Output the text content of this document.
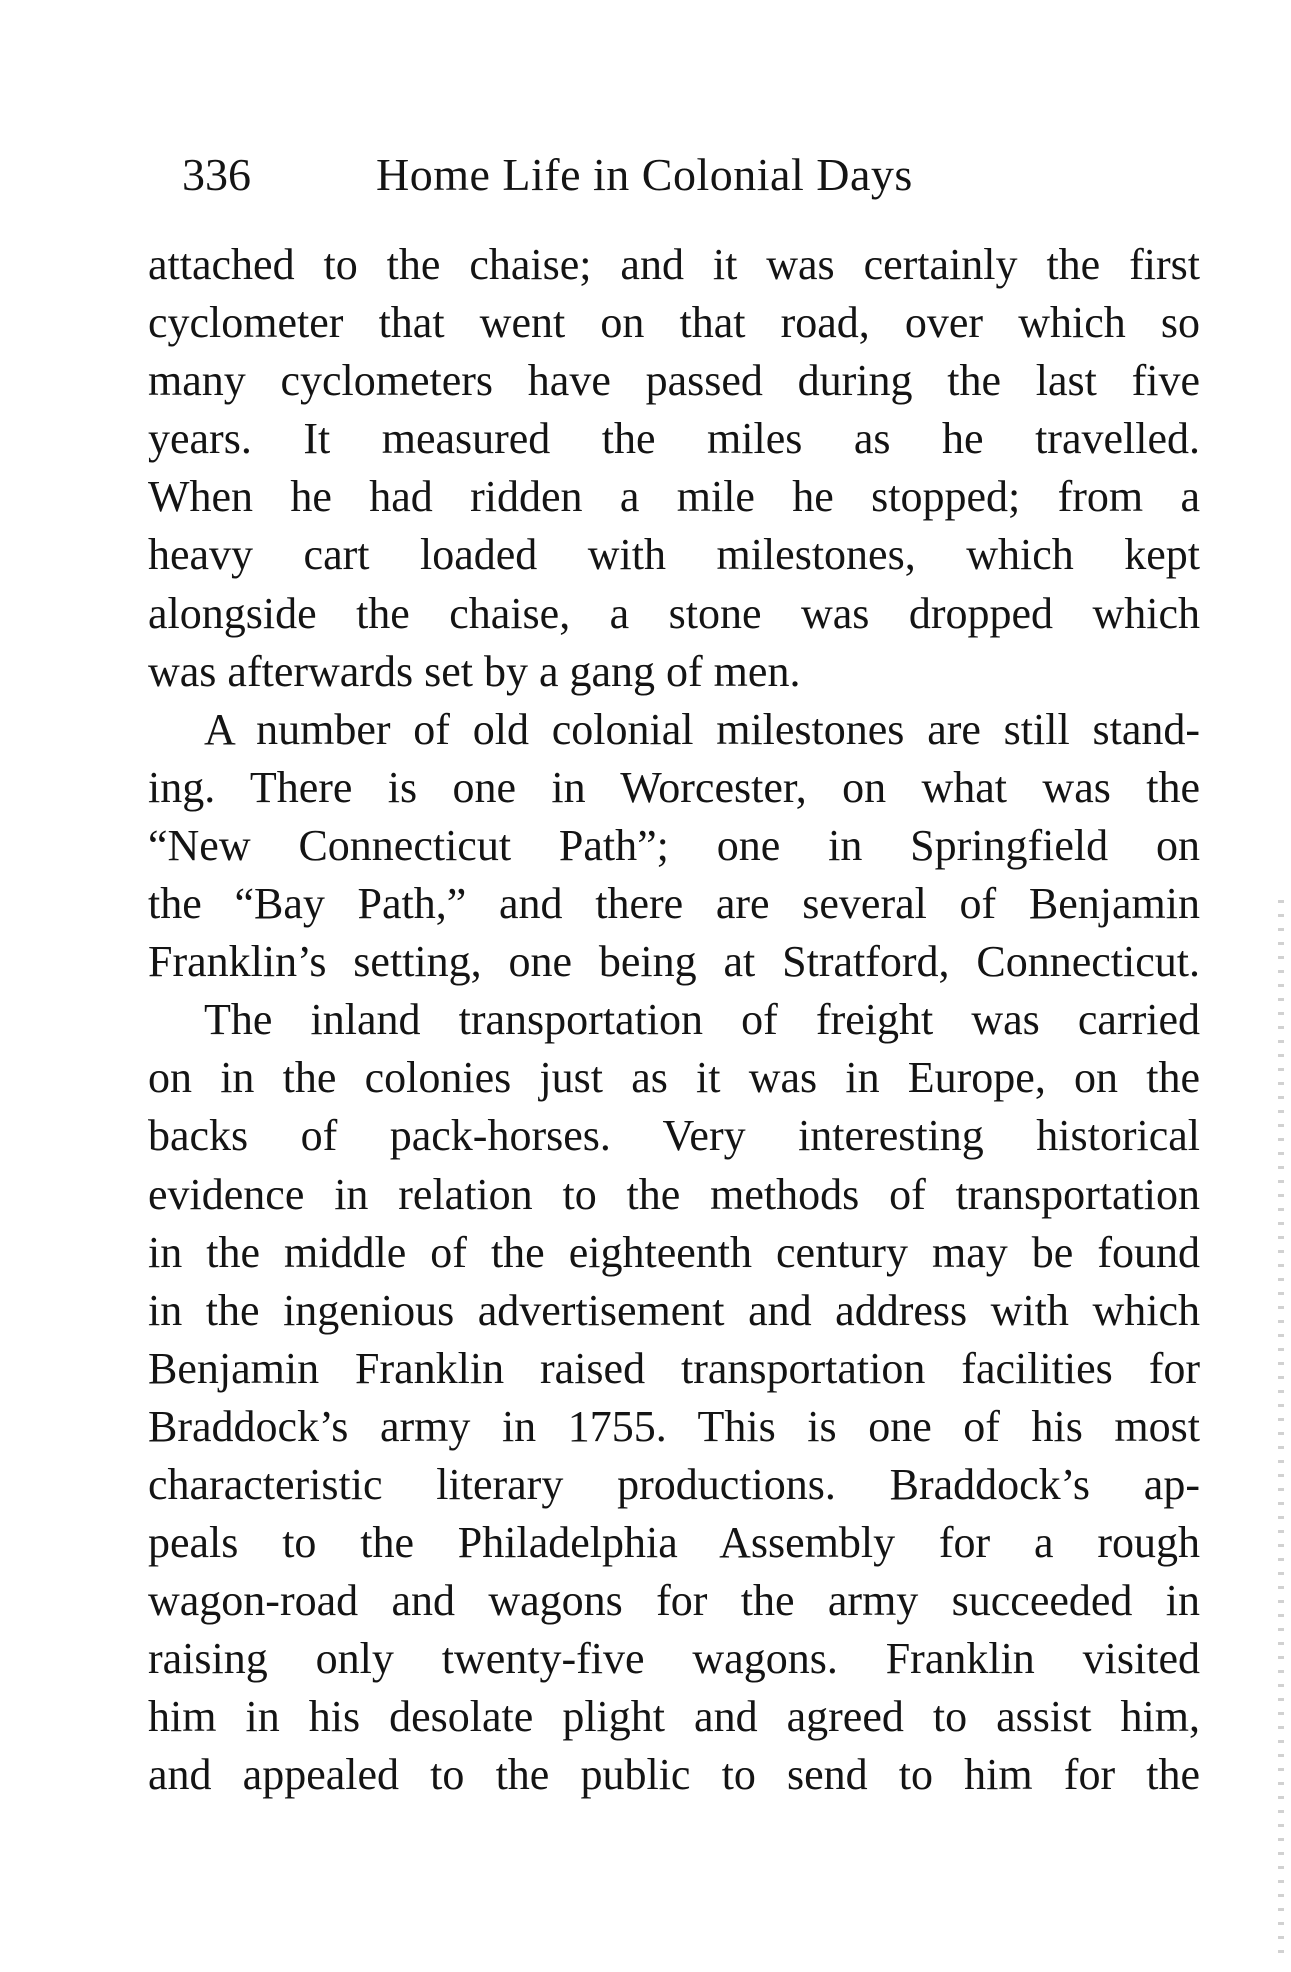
336	Home Life in Colonial Days
attached to the chaise; and it was certainly the first
cyclometer that went on that road, over which so
many cyclometers have passed during the last five
years. It measured the miles as he travelled.
When he had ridden a mile he stopped; from a
heavy cart loaded with milestones, which kept
alongside the chaise, a stone was dropped which
was afterwards set by a gang of men.
A number of old colonial milestones are still stand-
ing. There is one in Worcester, on what was the
“New Connecticut Path”; one in Springfield on
the “Bay Path,” and there are several of Benjamin
Franklin’s setting, one being at Stratford, Connecticut.
The inland transportation of freight was carried
on in the colonies just as it was in Europe, on the
backs of pack-horses. Very interesting historical
evidence in relation to the methods of transportation
in the middle of the eighteenth century may be found
in the ingenious advertisement and address with which
Benjamin Franklin raised transportation facilities for
Braddock’s army in 1755. This is one of his most
characteristic literary productions. Braddock’s ap-
peals to the Philadelphia Assembly for a rough
wagon-road and wagons for the army succeeded in
raising only twenty-five wagons. Franklin visited
him in his desolate plight and agreed to assist him,
and appealed to the public to send to him for the
